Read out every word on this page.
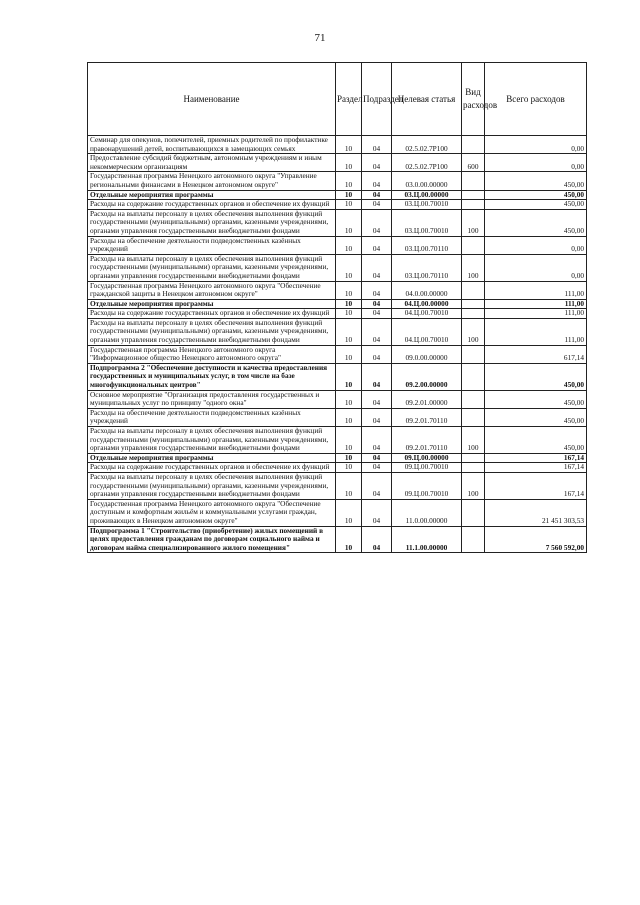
71
Наименование	Раздел	Подраздел	Целевая статья	Вид расходов	Всего расходов
Семинар для опекунов, попечителей, приемных родителей по профилактике правонарушений детей, воспитывающихся в замещающих семьях	10	04	02.5.02.7Р100		0,00
Предоставление субсидий бюджетным, автономным учреждениям и иным некоммерческим организациям	10	04	02.5.02.7Р100	600	0,00
Государственная программа Ненецкого автономного округа "Управление региональными финансами в Ненецком автономном округе"	10	04	03.0.00.00000		450,00
Отдельные мероприятия программы	10	04	03.Ц.00.00000		450,00
Расходы на содержание государственных органов и обеспечение их функций	10	04	03.Ц.00.70010		450,00
Расходы на выплаты персоналу в целях обеспечения выполнения функций государственными (муниципальными) органами, казенными учреждениями, органами управления государственными внебюджетными фондами	10	04	03.Ц.00.70010	100	450,00
Расходы на обеспечение деятельности подведомственных казённых учреждений	10	04	03.Ц.00.70110		0,00
Расходы на выплаты персоналу в целях обеспечения выполнения функций государственными (муниципальными) органами, казенными учреждениями, органами управления государственными внебюджетными фондами	10	04	03.Ц.00.70110	100	0,00
Государственная программа Ненецкого автономного округа "Обеспечение гражданской защиты в Ненецком автономном округе"	10	04	04.0.00.00000		111,00
Отдельные мероприятия программы	10	04	04.Ц.00.00000		111,00
Расходы на содержание государственных органов и обеспечение их функций	10	04	04.Ц.00.70010		111,00
Расходы на выплаты персоналу в целях обеспечения выполнения функций государственными (муниципальными) органами, казенными учреждениями, органами управления государственными внебюджетными фондами	10	04	04.Ц.00.70010	100	111,00
Государственная программа Ненецкого автономного округа "Информационное общество Ненецкого автономного округа"	10	04	09.0.00.00000		617,14
Подпрограмма 2 "Обеспечение доступности и качества предоставления государственных и муниципальных услуг, в том числе на базе многофункциональных центров"	10	04	09.2.00.00000		450,00
Основное мероприятие "Организация предоставления государственных и муниципальных услуг по принципу "одного окна"	10	04	09.2.01.00000		450,00
Расходы на обеспечение деятельности подведомственных казённых учреждений	10	04	09.2.01.70110		450,00
Расходы на выплаты персоналу в целях обеспечения выполнения функций государственными (муниципальными) органами, казенными учреждениями, органами управления государственными внебюджетными фондами	10	04	09.2.01.70110	100	450,00
Отдельные мероприятия программы	10	04	09.Ц.00.00000		167,14
Расходы на содержание государственных органов и обеспечение их функций	10	04	09.Ц.00.70010		167,14
Расходы на выплаты персоналу в целях обеспечения выполнения функций государственными (муниципальными) органами, казенными учреждениями, органами управления государственными внебюджетными фондами	10	04	09.Ц.00.70010	100	167,14
Государственная программа Ненецкого автономного округа "Обеспечение доступным и комфортным жильём и коммунальными услугами граждан, проживающих в Ненецком автономном округе"	10	04	11.0.00.00000		21 451 303,53
Подпрограмма 1 "Строительство (приобретение) жилых помещений в целях предоставления гражданам по договорам социального найма и договорам найма специализированного жилого помещения"	10	04	11.1.00.00000		7 560 592,00
